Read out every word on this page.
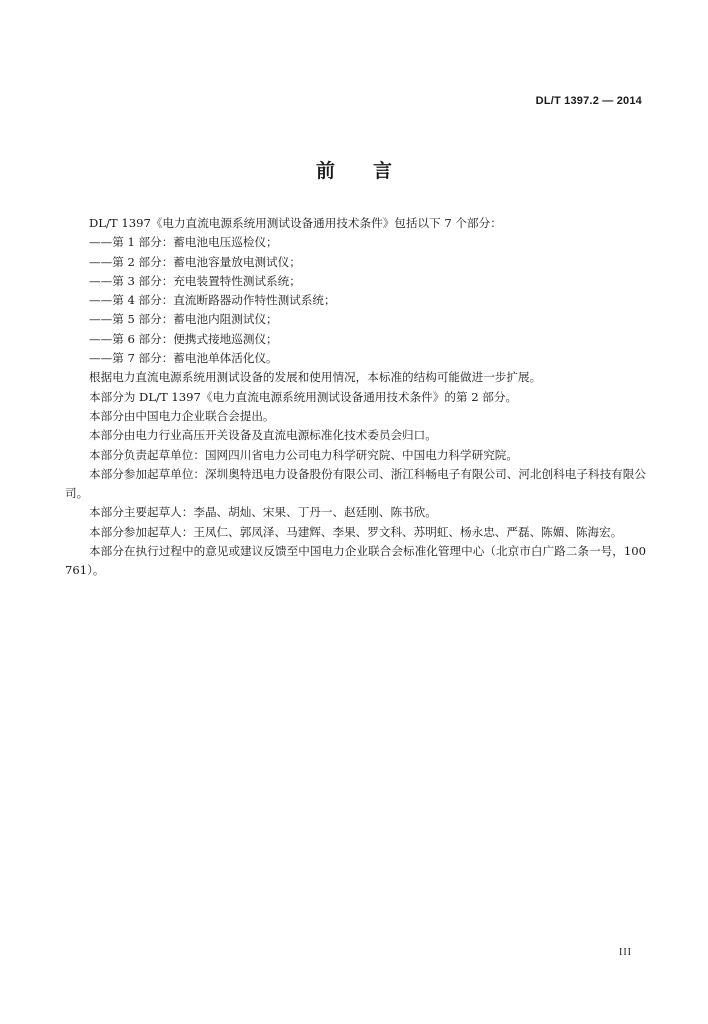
DL/T 1397.2 — 2014
前言

DL/T 1397《电力直流电源系统用测试设备通用技术条件》包括以下 7 个部分：

——第 1 部分：蓄电池电压巡检仪；

——第 2 部分：蓄电池容量放电测试仪；

——第 3 部分：充电装置特性测试系统；

——第 4 部分：直流断路器动作特性测试系统；

——第 5 部分：蓄电池内阻测试仪；

——第 6 部分：便携式接地巡测仪；

——第 7 部分：蓄电池单体活化仪。

根据电力直流电源系统用测试设备的发展和使用情况，本标准的结构可能做进一步扩展。

本部分为 DL/T 1397《电力直流电源系统用测试设备通用技术条件》的第 2 部分。

本部分由中国电力企业联合会提出。

本部分由电力行业高压开关设备及直流电源标准化技术委员会归口。

本部分负责起草单位：国网四川省电力公司电力科学研究院、中国电力科学研究院。

本部分参加起草单位：深圳奥特迅电力设备股份有限公司、浙江科畅电子有限公司、河北创科电子科技有限公司。

本部分主要起草人：李晶、胡灿、宋果、丁丹一、赵廷刚、陈书欣。

本部分参加起草人：王凤仁、郭凤泽、马建辉、李果、罗文科、苏明虹、杨永忠、严磊、陈媚、陈海宏。

本部分在执行过程中的意见或建议反馈至中国电力企业联合会标准化管理中心（北京市白广路二条一号，100761）。

III
